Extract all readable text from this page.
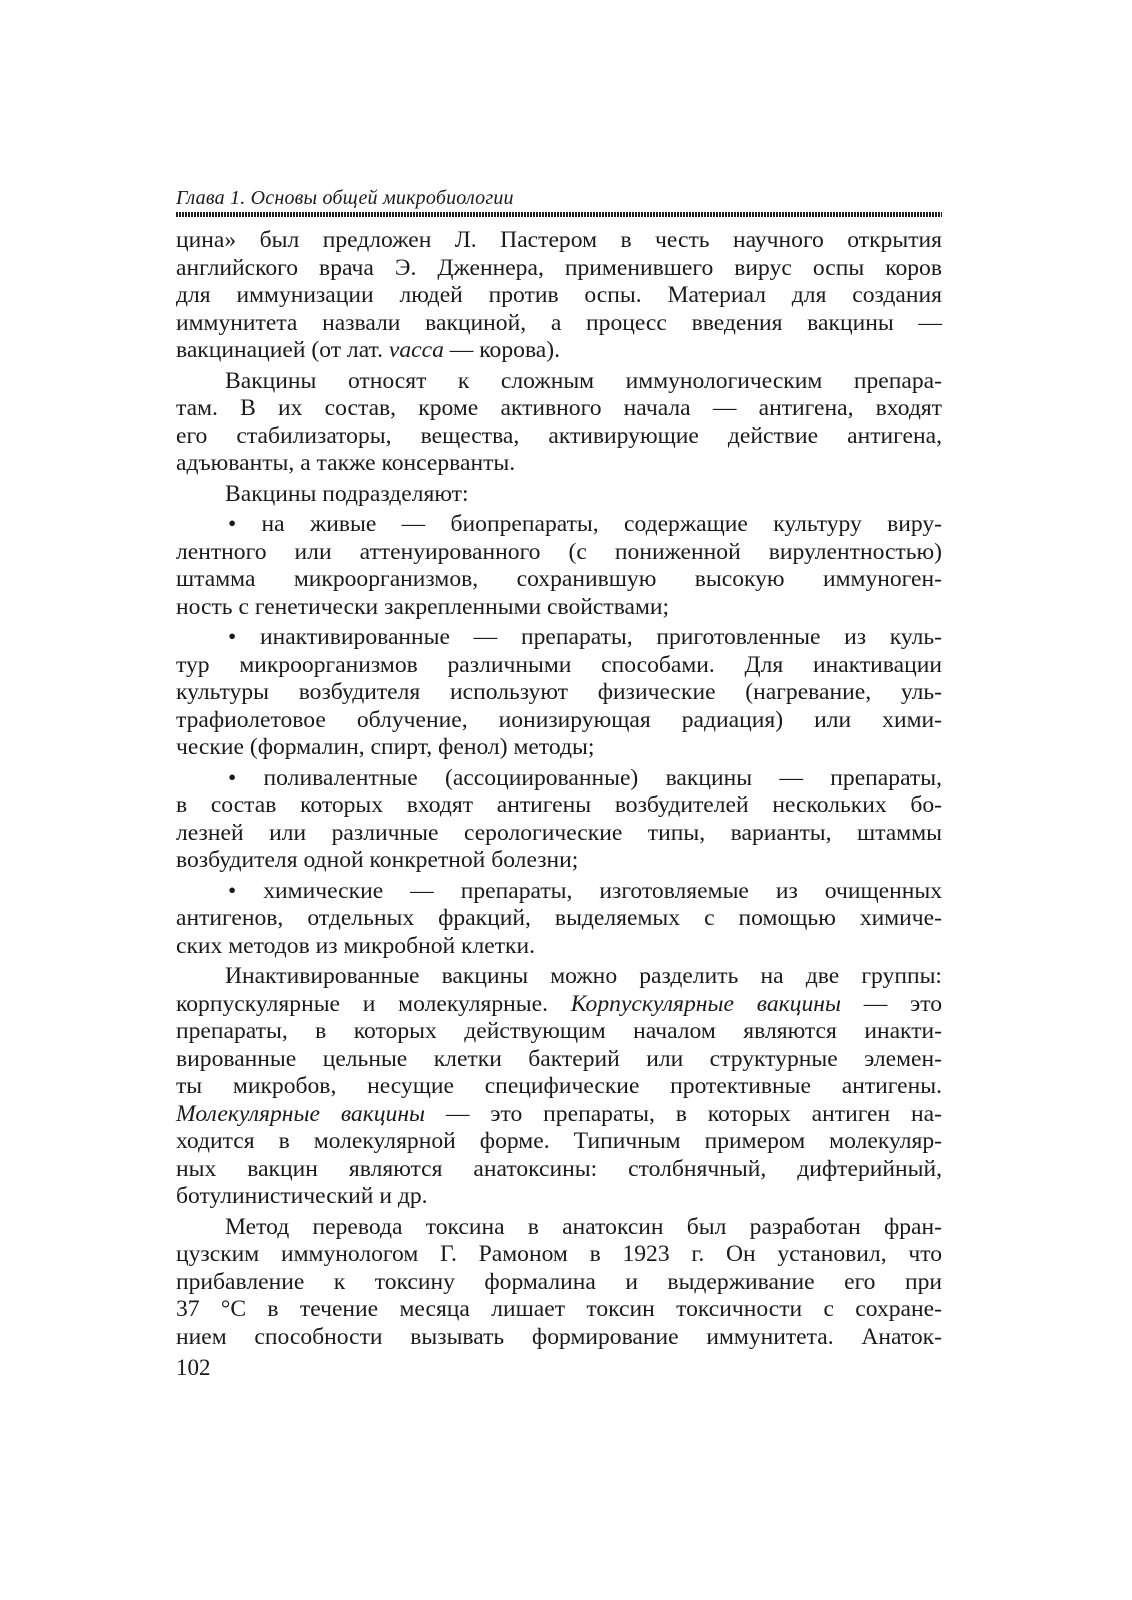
Глава 1. Основы общей микробиологии

цина» был предложен Л. Пастером в честь научного открытия
английского врача Э. Дженнера, применившего вирус оспы коров
для иммунизации людей против оспы. Материал для создания
иммунитета назвали вакциной, а процесс введения вакцины —
вакцинацией (от лат. vacca — корова).

Вакцины относят к сложным иммунологическим препара-
там. В их состав, кроме активного начала — антигена, входят
его стабилизаторы, вещества, активирующие действие антигена,
адъюванты, а также консерванты.

Вакцины подразделяют:

• на живые — биопрепараты, содержащие культуру виру-
лентного или аттенуированного (с пониженной вирулентностью)
штамма микроорганизмов, сохранившую высокую иммуноген-
ность с генетически закрепленными свойствами;

• инактивированные — препараты, приготовленные из куль-
тур микроорганизмов различными способами. Для инактивации
культуры возбудителя используют физические (нагревание, уль-
трафиолетовое облучение, ионизирующая радиация) или хими-
ческие (формалин, спирт, фенол) методы;

• поливалентные (ассоциированные) вакцины — препараты,
в состав которых входят антигены возбудителей нескольких бо-
лезней или различные серологические типы, варианты, штаммы
возбудителя одной конкретной болезни;

• химические — препараты, изготовляемые из очищенных
антигенов, отдельных фракций, выделяемых с помощью химиче-
ских методов из микробной клетки.

Инактивированные вакцины можно разделить на две группы:
корпускулярные и молекулярные. Корпускулярные вакцины — это
препараты, в которых действующим началом являются инакти-
вированные цельные клетки бактерий или структурные элемен-
ты микробов, несущие специфические протективные антигены.
Молекулярные вакцины — это препараты, в которых антиген на-
ходится в молекулярной форме. Типичным примером молекуляр-
ных вакцин являются анатоксины: столбнячный, дифтерийный,
ботулинистический и др.

Метод перевода токсина в анатоксин был разработан фран-
цузским иммунологом Г. Рамоном в 1923 г. Он установил, что
прибавление к токсину формалина и выдерживание его при
37 °С в течение месяца лишает токсин токсичности с сохране-
нием способности вызывать формирование иммунитета. Анаток-

102
